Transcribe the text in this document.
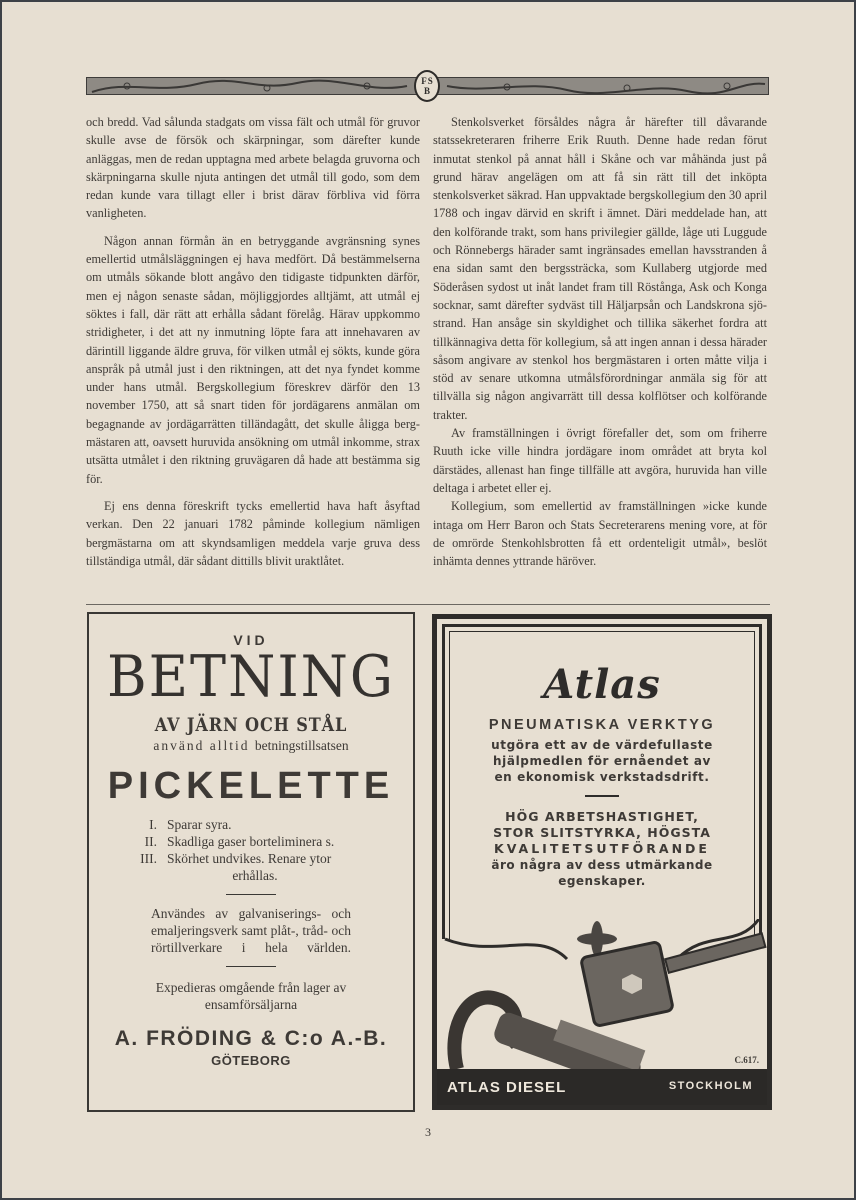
FS
B

och bredd. Vad sålunda stadgats om vissa fält och utmål för gruvor skulle avse de försök och skärpningar, som därefter kunde anläggas, men de redan upptagna med arbete belagda gruvorna och skärpningarna skulle njuta antingen det utmål till godo, som dem redan kunde vara tillagt eller i brist därav förbliva vid förra vanligheten.

Någon annan förmån än en betryggande avgränsning synes emellertid utmålsläggningen ej hava medfört. Då bestämmelserna om utmåls sökande blott angåvo den tidigaste tidpunkten därför, men ej någon senaste sådan, möjliggjordes alltjämt, att utmål ej söktes i fall, där rätt att erhålla sådant förelåg. Härav uppkommo stridigheter, i det att ny inmutning löpte fara att innehavaren av därintill liggande äldre gruva, för vilken utmål ej sökts, kunde göra anspråk på utmål just i den riktningen, att det nya fyndet komme under hans utmål. Bergskollegium föreskrev därför den 13 november 1750, att så snart tiden för jordägarens anmälan om begagnande av jordägarrätten tilländagått, det skulle åligga bergmästaren att, oavsett huruvida ansökning om utmål inkomme, strax utsätta utmålet i den riktning gruvägaren då hade att bestämma sig för.

Ej ens denna föreskrift tycks emellertid hava haft åsyftad verkan. Den 22 januari 1782 påminde kollegium nämligen bergmästarna om att skyndsamligen meddela varje gruva dess tillständiga utmål, där sådant dittills blivit uraktlåtet.

Stenkolsverket försåldes några år härefter till dåvarande statssekreteraren friherre Erik Ruuth. Denne hade redan förut inmutat stenkol på annat håll i Skåne och var måhända just på grund härav angelägen om att få sin rätt till det inköpta stenkolsverket säkrad. Han uppvaktade bergskollegium den 30 april 1788 och ingav därvid en skrift i ämnet. Däri meddelade han, att den kolförande trakt, som hans privilegier gällde, låge uti Luggude och Rönnebergs härader samt ingränsades emellan havsstranden å ena sidan samt den bergssträcka, som Kullaberg utgjorde med Söderåsen sydost ut inåt landet fram till Röstånga, Ask och Konga socknar, samt därefter sydväst till Häljarpsån och Landskrona sjöstrand. Han ansåge sin skyldighet och tillika säkerhet fordra att tillkännagiva detta för kollegium, så att ingen annan i dessa härader såsom angivare av stenkol hos bergmästaren i orten måtte vilja i stöd av senare utkomna utmålsförordningar anmäla sig för att tillvälla sig någon angivarrätt till dessa kolflötser och kolförande trakter.

Av framställningen i övrigt förefaller det, som om friherre Ruuth icke ville hindra jordägare inom området att bryta kol därstädes, allenast han finge tillfälle att avgöra, huruvida han ville deltaga i arbetet eller ej.

Kollegium, som emellertid av framställningen »icke kunde intaga om Herr Baron och Stats Secreterarens mening vore, at för de omrörde Stenkohlsbrotten få ett ordenteligit utmål», beslöt inhämta dennes yttrande häröver.

VID
BETNING
AV JÄRN OCH STÅL
använd alltid betningstillsatsen
PICKELETTE
I. Sparar syra.
II. Skadliga gaser borteliminera s.
III. Skörhet undvikes. Renare ytor
erhållas.
Användes av galvaniserings- och emaljeringsverk samt plåt-, tråd- och rörtillverkare i hela världen.
Expedieras omgående från lager av
ensamförsäljarna
A. FRÖDING & C:o A.-B.
GÖTEBORG
Atlas
PNEUMATISKA VERKTYG
utgöra ett av de värdefullaste
hjälpmedlen för ernåendet av
en ekonomisk verkstadsdrift.
HÖG ARBETSHASTIGHET,
STOR SLITSTYRKA, HÖGSTA
KVALITETSUTFÖRANDE
äro några av dess utmärkande
egenskaper.
C.617.
ATLAS DIESEL	STOCKHOLM
3
